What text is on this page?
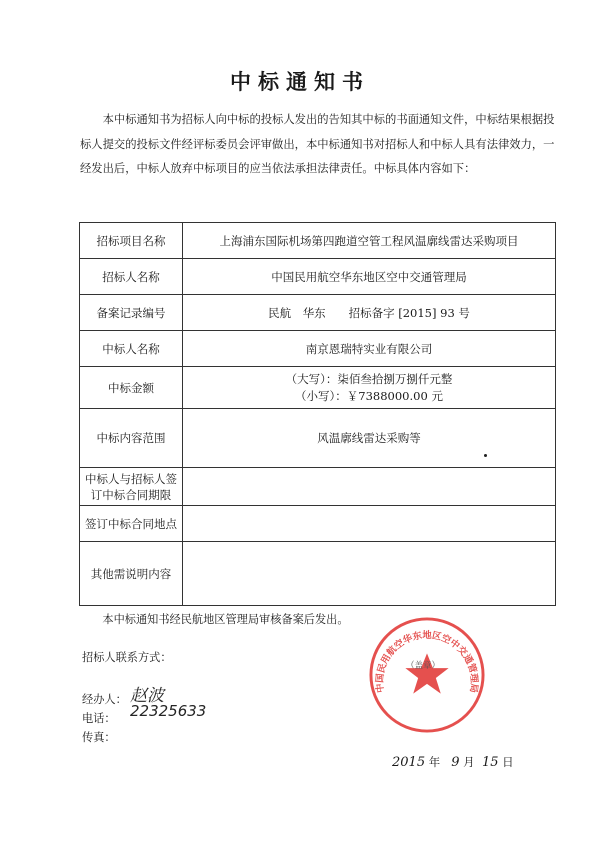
中标通知书
本中标通知书为招标人向中标的投标人发出的告知其中标的书面通知文件，中标结果根据投标人提交的投标文件经评标委员会评审做出，本中标通知书对招标人和中标人具有法律效力，一经发出后，中标人放弃中标项目的应当依法承担法律责任。中标具体内容如下：
招标项目名称	上海浦东国际机场第四跑道空管工程风温廓线雷达采购项目
招标人名称	中国民用航空华东地区空中交通管理局
备案记录编号	民航　华东　　招标备字 [2015] 93 号
中标人名称	南京恩瑞特实业有限公司
中标金额	（大写）：柒佰叁拾捌万捌仟元整
（小写）：￥7388000.00 元

中标内容范围	风温廓线雷达采购等
中标人与招标人签订中标合同期限	
签订中标合同地点	
其他需说明内容	
本中标通知书经民航地区管理局审核备案后发出。
招标人联系方式：
经办人： 赵波
电话： 22325633
传真：
中国民用航空华东地区空中交通管理局
（盖章）
2015 年 9 月 15 日
